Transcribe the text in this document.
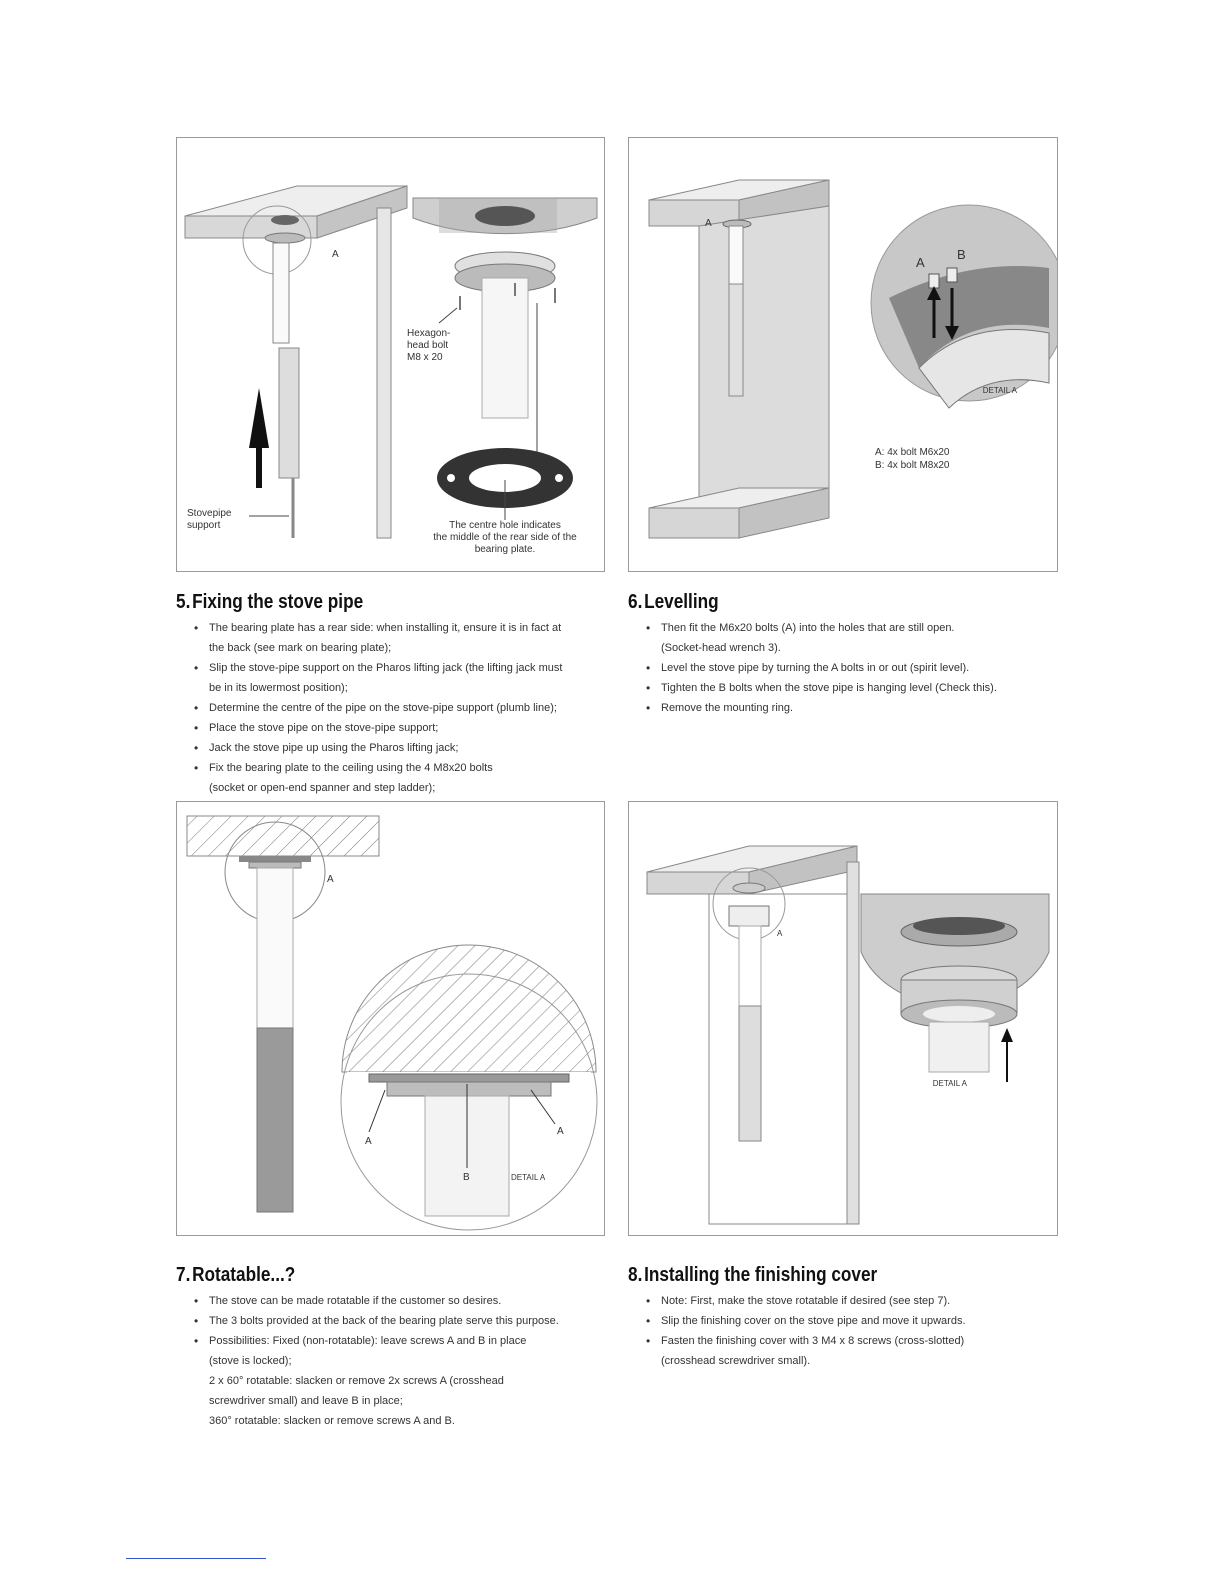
A
Hexagon-
head bolt
M8 x 20
Stovepipe
support	The centre hole indicates
the middle of the rear side of the
bearing plate.
A
A
B
DETAIL A
A: 4x bolt M6x20
B: 4x bolt M8x20
5.Fixing the stove pipe
• The bearing plate has a rear side: when installing it, ensure it is in fact at
the back (see mark on bearing plate);
• Slip the stove-pipe support on the Pharos lifting jack (the lifting jack must
be in its lowermost position);
• Determine the centre of the pipe on the stove-pipe support (plumb line);
• Place the stove pipe on the stove-pipe support;
• Jack the stove pipe up using the Pharos lifting jack;
• Fix the bearing plate to the ceiling using the 4 M8x20 bolts
(socket or open-end spanner and step ladder);
6.Levelling
• Then fit the M6x20 bolts (A) into the holes that are still open.
(Socket-head wrench 3).
• Level the stove pipe by turning the A bolts in or out (spirit level).
• Tighten the B bolts when the stove pipe is hanging level (Check this).
• Remove the mounting ring.
A
A
A
B	DETAIL A
A
DETAIL A
7.Rotatable...?
• The stove can be made rotatable if the customer so desires.
• The 3 bolts provided at the back of the bearing plate serve this purpose.
• Possibilities: Fixed (non-rotatable): leave screws A and B in place
(stove is locked);
2 x 60° rotatable: slacken or remove 2x screws A (crosshead
screwdriver small) and leave B in place;
360° rotatable: slacken or remove screws A and B.
8.Installing the finishing cover
• Note: First, make the stove rotatable if desired (see step 7).
• Slip the finishing cover on the stove pipe and move it upwards.
• Fasten the finishing cover with 3 M4 x 8 screws (cross-slotted)
(crosshead screwdriver small).
